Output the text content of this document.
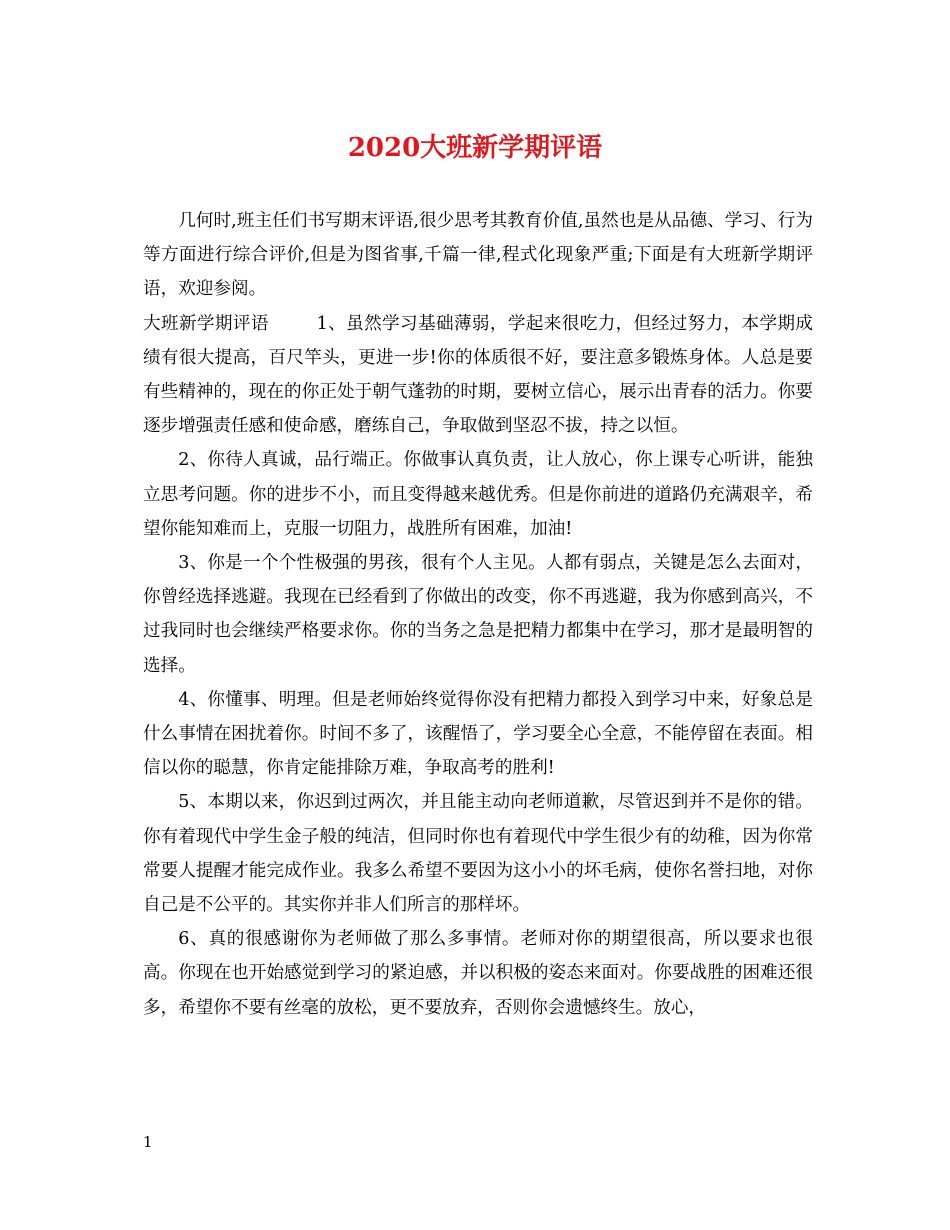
2020大班新学期评语

几何时,班主任们书写期末评语,很少思考其教育价值,虽然也是从品德、学习、行为等方面进行综合评价,但是为图省事,千篇一律,程式化现象严重;下面是有大班新学期评语，欢迎参阅。

大班新学期评语	1、虽然学习基础薄弱，学起来很吃力，但经过努力，本学期成绩有很大提高，百尺竿头，更进一步!你的体质很不好，要注意多锻炼身体。人总是要有些精神的，现在的你正处于朝气蓬勃的时期，要树立信心，展示出青春的活力。你要逐步增强责任感和使命感，磨练自己，争取做到坚忍不拔，持之以恒。

2、你待人真诚，品行端正。你做事认真负责，让人放心，你上课专心听讲，能独立思考问题。你的进步不小，而且变得越来越优秀。但是你前进的道路仍充满艰辛，希望你能知难而上，克服一切阻力，战胜所有困难，加油!

3、你是一个个性极强的男孩，很有个人主见。人都有弱点，关键是怎么去面对，你曾经选择逃避。我现在已经看到了你做出的改变，你不再逃避，我为你感到高兴，不过我同时也会继续严格要求你。你的当务之急是把精力都集中在学习，那才是最明智的选择。

4、你懂事、明理。但是老师始终觉得你没有把精力都投入到学习中来，好象总是什么事情在困扰着你。时间不多了，该醒悟了，学习要全心全意，不能停留在表面。相信以你的聪慧，你肯定能排除万难，争取高考的胜利!

5、本期以来，你迟到过两次，并且能主动向老师道歉，尽管迟到并不是你的错。你有着现代中学生金子般的纯洁，但同时你也有着现代中学生很少有的幼稚，因为你常常要人提醒才能完成作业。我多么希望不要因为这小小的坏毛病，使你名誉扫地，对你自己是不公平的。其实你并非人们所言的那样坏。

6、真的很感谢你为老师做了那么多事情。老师对你的期望很高，所以要求也很高。你现在也开始感觉到学习的紧迫感，并以积极的姿态来面对。你要战胜的困难还很多，希望你不要有丝毫的放松，更不要放弃，否则你会遗憾终生。放心，

1
